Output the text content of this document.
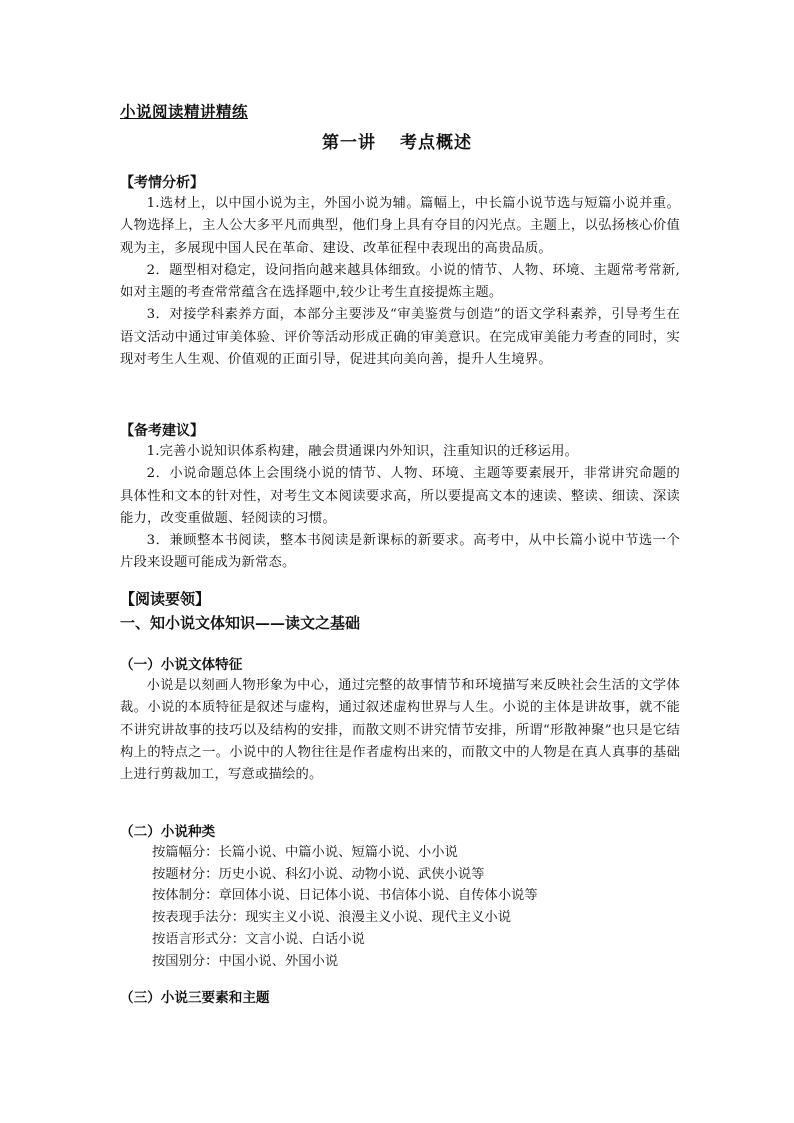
小说阅读精讲精练
第一讲 考点概述
【考情分析】
1.选材上，以中国小说为主，外国小说为辅。篇幅上，中长篇小说节选与短篇小说并重。人物选择上，主人公大多平凡而典型，他们身上具有夺目的闪光点。主题上，以弘扬核心价值观为主，多展现中国人民在革命、建设、改革征程中表现出的高贵品质。
2．题型相对稳定，设问指向越来越具体细致。小说的情节、人物、环境、主题常考常新,如对主题的考查常常蕴含在选择题中,较少让考生直接提炼主题。
3．对接学科素养方面，本部分主要涉及“审美鉴赏与创造”的语文学科素养，引导考生在语文活动中通过审美体验、评价等活动形成正确的审美意识。在完成审美能力考查的同时，实现对考生人生观、价值观的正面引导，促进其向美向善，提升人生境界。
【备考建议】
1.完善小说知识体系构建，融会贯通课内外知识，注重知识的迁移运用。
2．小说命题总体上会围绕小说的情节、人物、环境、主题等要素展开，非常讲究命题的具体性和文本的针对性，对考生文本阅读要求高，所以要提高文本的速读、整读、细读、深读能力，改变重做题、轻阅读的习惯。
3．兼顾整本书阅读，整本书阅读是新课标的新要求。高考中，从中长篇小说中节选一个片段来设题可能成为新常态。
【阅读要领】
一、知小说文体知识——读文之基础
（一）小说文体特征
小说是以刻画人物形象为中心，通过完整的故事情节和环境描写来反映社会生活的文学体裁。小说的本质特征是叙述与虚构，通过叙述虚构世界与人生。小说的主体是讲故事，就不能不讲究讲故事的技巧以及结构的安排，而散文则不讲究情节安排，所谓“形散神聚”也只是它结构上的特点之一。小说中的人物往往是作者虚构出来的，而散文中的人物是在真人真事的基础上进行剪裁加工，写意或描绘的。
（二）小说种类
按篇幅分：长篇小说、中篇小说、短篇小说、小小说
按题材分：历史小说、科幻小说、动物小说、武侠小说等
按体制分：章回体小说、日记体小说、书信体小说、自传体小说等
按表现手法分：现实主义小说、浪漫主义小说、现代主义小说
按语言形式分：文言小说、白话小说
按国别分：中国小说、外国小说
（三）小说三要素和主题
